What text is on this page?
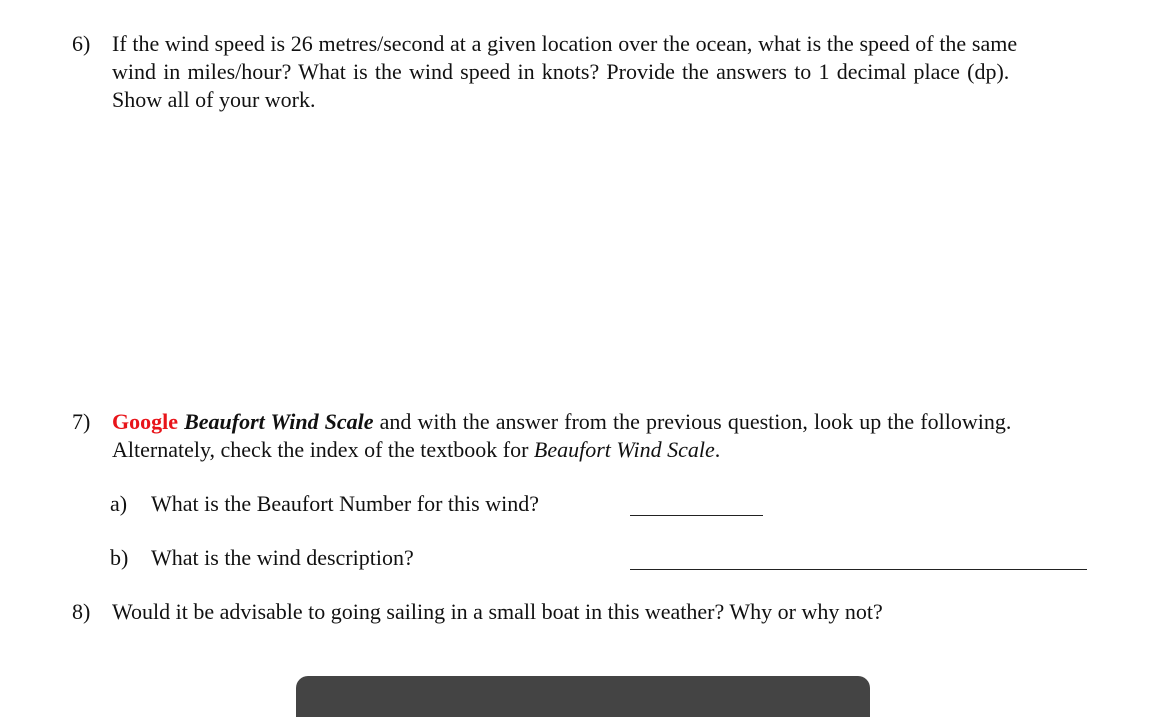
6) If the wind speed is 26 metres/second at a given location over the ocean, what is the speed of the same
wind in miles/hour? What is the wind speed in knots? Provide the answers to 1 decimal place (dp).
Show all of your work.
7) Google Beaufort Wind Scale and with the answer from the previous question, look up the following.
Alternately, check the index of the textbook for Beaufort Wind Scale.
a) What is the Beaufort Number for this wind?
b) What is the wind description?
8) Would it be advisable to going sailing in a small boat in this weather? Why or why not?
